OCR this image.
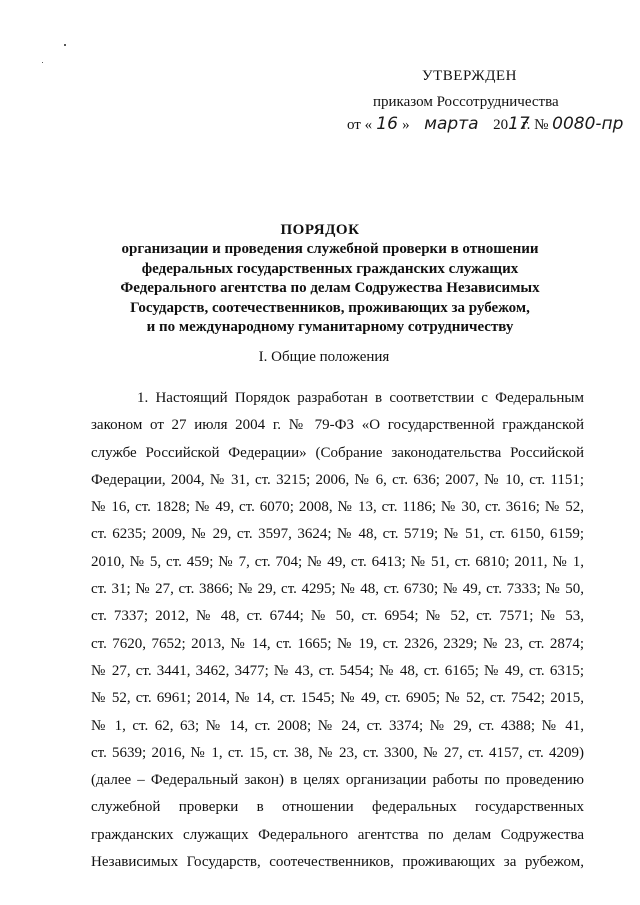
УТВЕРЖДЕН
приказом Россотрудничества
от « 16 » марта 2017г. № 0080-пр
ПОРЯДОК
организации и проведения служебной проверки в отношении
федеральных государственных гражданских служащих
Федерального агентства по делам Содружества Независимых
Государств, соотечественников, проживающих за рубежом,
и по международному гуманитарному сотрудничеству
I. Общие положения
1. Настоящий Порядок разработан в соответствии с Федеральным
законом от 27 июля 2004 г. № 79-ФЗ «О государственной гражданской
службе Российской Федерации» (Собрание законодательства Российской
Федерации, 2004, № 31, ст. 3215; 2006, № 6, ст. 636; 2007, № 10, ст. 1151;
№ 16, ст. 1828; № 49, ст. 6070; 2008, № 13, ст. 1186; № 30, ст. 3616; № 52,
ст. 6235; 2009, № 29, ст. 3597, 3624; № 48, ст. 5719; № 51, ст. 6150, 6159;
2010, № 5, ст. 459; № 7, ст. 704; № 49, ст. 6413; № 51, ст. 6810; 2011, № 1,
ст. 31; № 27, ст. 3866; № 29, ст. 4295; № 48, ст. 6730; № 49, ст. 7333; № 50,
ст. 7337; 2012, № 48, ст. 6744; № 50, ст. 6954; № 52, ст. 7571; № 53,
ст. 7620, 7652; 2013, № 14, ст. 1665; № 19, ст. 2326, 2329; № 23, ст. 2874;
№ 27, ст. 3441, 3462, 3477; № 43, ст. 5454; № 48, ст. 6165; № 49, ст. 6315;
№ 52, ст. 6961; 2014, № 14, ст. 1545; № 49, ст. 6905; № 52, ст. 7542; 2015,
№ 1, ст. 62, 63; № 14, ст. 2008; № 24, ст. 3374; № 29, ст. 4388; № 41,
ст. 5639; 2016, № 1, ст. 15, ст. 38, № 23, ст. 3300, № 27, ст. 4157, ст. 4209)
(далее – Федеральный закон) в целях организации работы по проведению
служебной проверки в отношении федеральных государственных
гражданских служащих Федерального агентства по делам Содружества
Независимых Государств, соотечественников, проживающих за рубежом,
